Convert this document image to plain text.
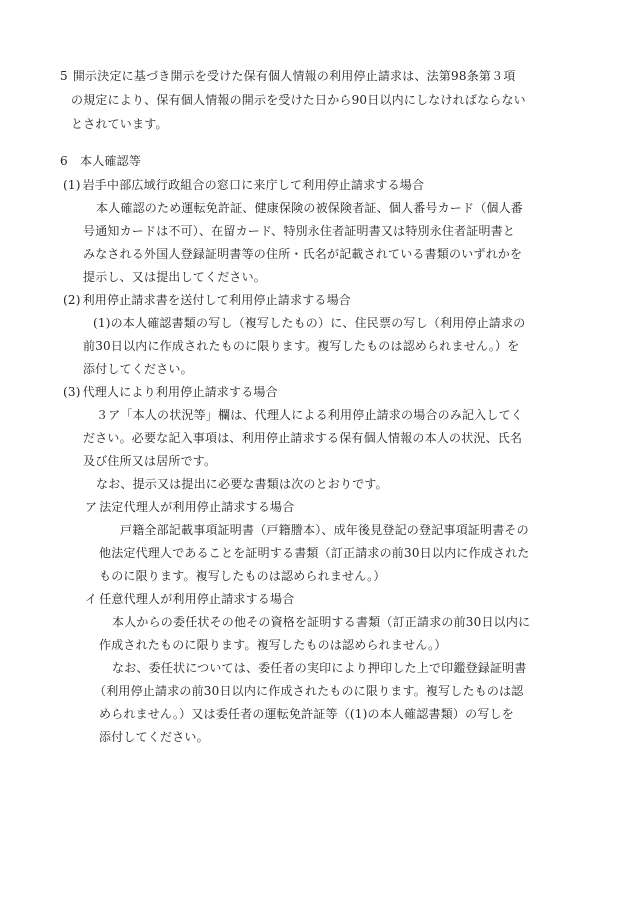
5 開示決定に基づき開示を受けた保有個人情報の利用停止請求は、法第98条第３項
の規定により、保有個人情報の開示を受けた日から90日以内にしなければならない
とされています。
6　本人確認等
(1) 岩手中部広域行政組合の窓口に来庁して利用停止請求する場合
本人確認のため運転免許証、健康保険の被保険者証、個人番号カード（個人番
号通知カードは不可）、在留カード、特別永住者証明書又は特別永住者証明書と
みなされる外国人登録証明書等の住所・氏名が記載されている書類のいずれかを
提示し、又は提出してください。
(2) 利用停止請求書を送付して利用停止請求する場合
(1)の本人確認書類の写し（複写したもの）に、住民票の写し（利用停止請求の
前30日以内に作成されたものに限ります。複写したものは認められません。）を
添付してください。
(3) 代理人により利用停止請求する場合
３ア「本人の状況等」欄は、代理人による利用停止請求の場合のみ記入してく
ださい。必要な記入事項は、利用停止請求する保有個人情報の本人の状況、氏名
及び住所又は居所です。
なお、提示又は提出に必要な書類は次のとおりです。
ア 法定代理人が利用停止請求する場合
戸籍全部記載事項証明書（戸籍謄本）、成年後見登記の登記事項証明書その
他法定代理人であることを証明する書類（訂正請求の前30日以内に作成された
ものに限ります。複写したものは認められません。）
イ 任意代理人が利用停止請求する場合
本人からの委任状その他その資格を証明する書類（訂正請求の前30日以内に
作成されたものに限ります。複写したものは認められません。）
なお、委任状については、委任者の実印により押印した上で印鑑登録証明書
（利用停止請求の前30日以内に作成されたものに限ります。複写したものは認
められません。）又は委任者の運転免許証等（(1)の本人確認書類）の写しを
添付してください。
